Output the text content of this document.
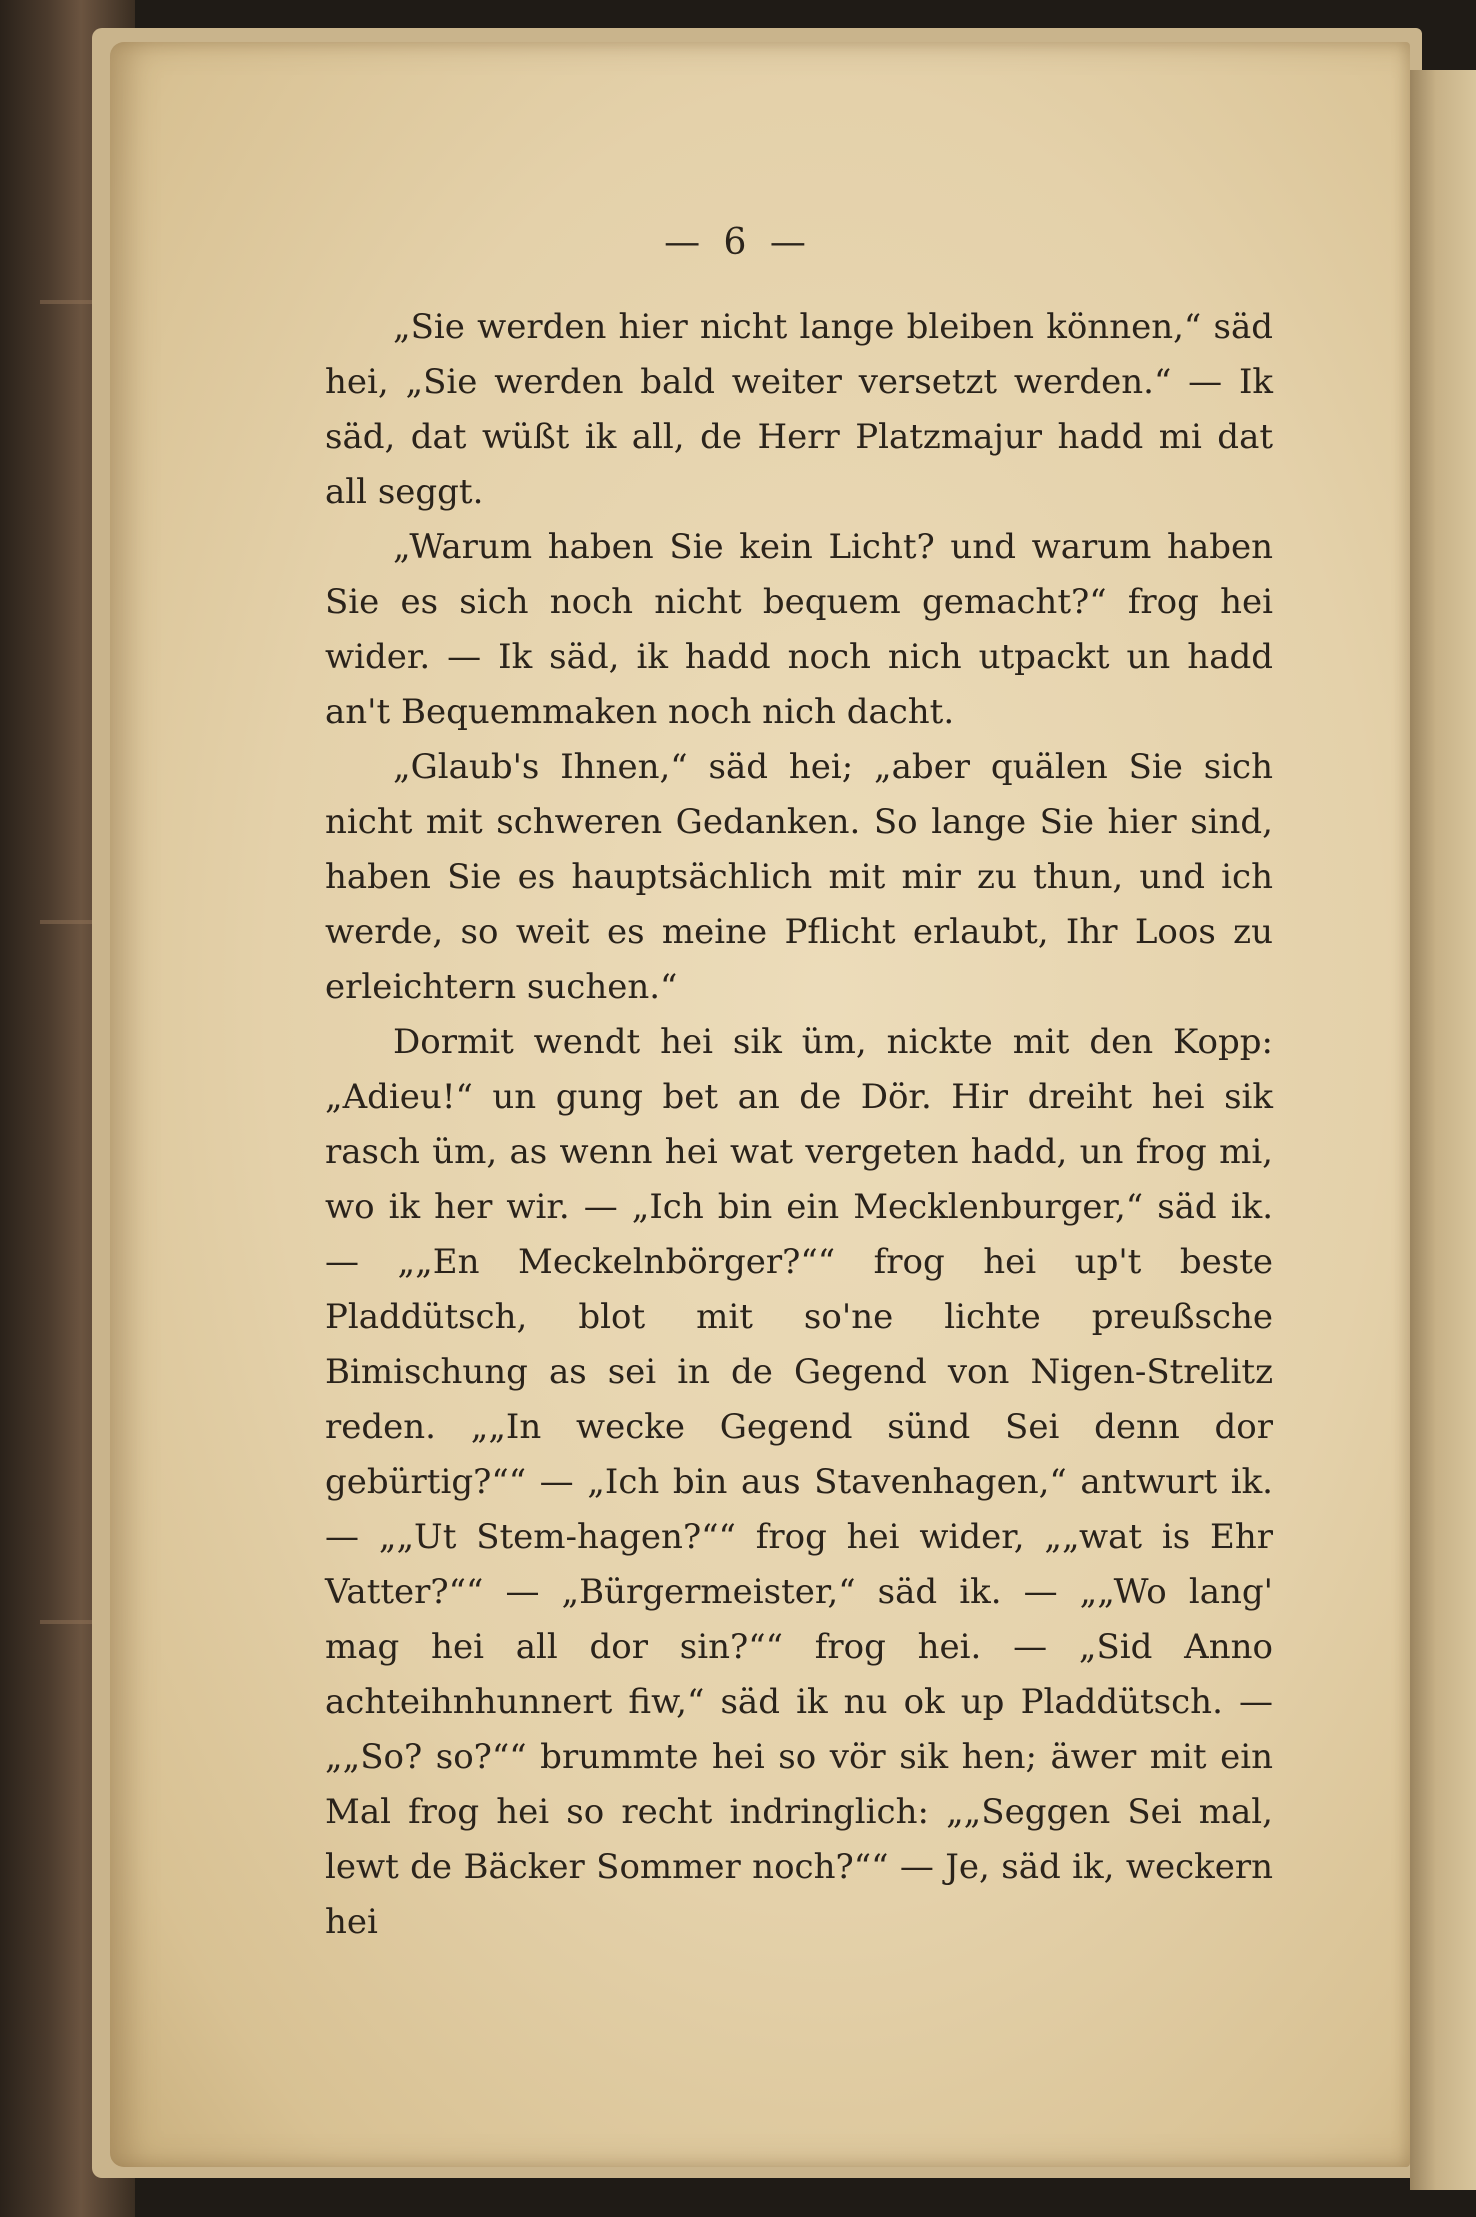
— 6 —

„Sie werden hier nicht lange bleiben können,“ säd hei, „Sie werden bald weiter versetzt werden.“ — Ik säd, dat wüßt ik all, de Herr Platzmajur hadd mi dat all seggt.

„Warum haben Sie kein Licht? und warum haben Sie es sich noch nicht bequem gemacht?“ frog hei wider. — Ik säd, ik hadd noch nich utpackt un hadd an't Bequemmaken noch nich dacht.

„Glaub's Ihnen,“ säd hei; „aber quälen Sie sich nicht mit schweren Gedanken. So lange Sie hier sind, haben Sie es hauptsächlich mit mir zu thun, und ich werde, so weit es meine Pflicht erlaubt, Ihr Loos zu erleichtern suchen.“

Dormit wendt hei sik üm, nickte mit den Kopp: „Adieu!“ un gung bet an de Dör. Hir dreiht hei sik rasch üm, as wenn hei wat vergeten hadd, un frog mi, wo ik her wir. — „Ich bin ein Mecklenburger,“ säd ik. — „„En Meckelnbörger?““ frog hei up't beste Pladdütsch, blot mit so'ne lichte preußsche Bimischung as sei in de Gegend von Nigen-Strelitz reden. „„In wecke Gegend sünd Sei denn dor gebürtig?““ — „Ich bin aus Stavenhagen,“ antwurt ik. — „„Ut Stem-hagen?““ frog hei wider, „„wat is Ehr Vatter?““ — „Bürgermeister,“ säd ik. — „„Wo lang' mag hei all dor sin?““ frog hei. — „Sid Anno achteihnhunnert fiw,“ säd ik nu ok up Pladdütsch. — „„So? so?““ brummte hei so vör sik hen; äwer mit ein Mal frog hei so recht indringlich: „„Seggen Sei mal, lewt de Bäcker Sommer noch?““ — Je, säd ik, weckern hei
